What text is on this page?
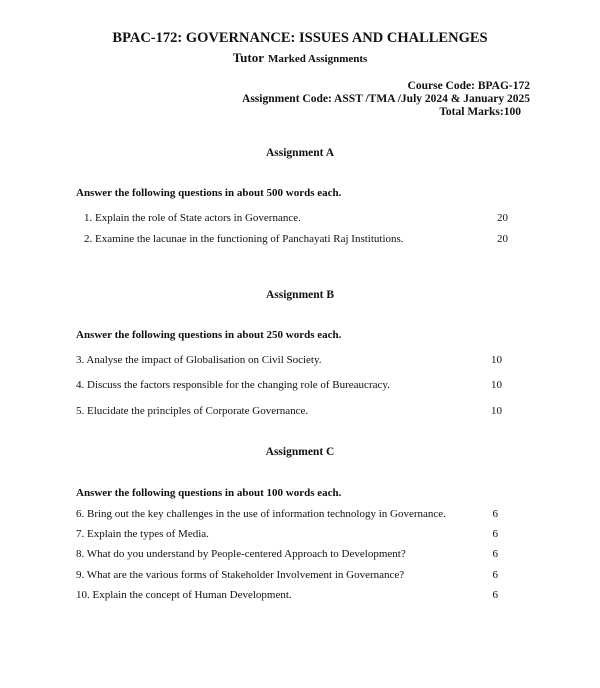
BPAC-172: GOVERNANCE: ISSUES AND CHALLENGES
Tutor Marked Assignments
Course Code: BPAG-172
Assignment Code: ASST /TMA /July 2024 & January 2025
Total Marks:100
Assignment A
Answer the following questions in about 500 words each.
1. Explain the role of State actors in Governance.	20
2. Examine the lacunae in the functioning of Panchayati Raj Institutions.	20
Assignment B
Answer the following questions in about 250 words each.
3. Analyse the impact of Globalisation on Civil Society.	10
4. Discuss the factors responsible for the changing role of Bureaucracy.	10
5. Elucidate the principles of Corporate Governance.	10
Assignment C
Answer the following questions in about 100 words each.
6. Bring out the key challenges in the use of information technology in Governance.	6
7. Explain the types of Media.	6
8. What do you understand by People-centered Approach to Development?	6
9. What are the various forms of Stakeholder Involvement in Governance?	6
10. Explain the concept of Human Development.	6
